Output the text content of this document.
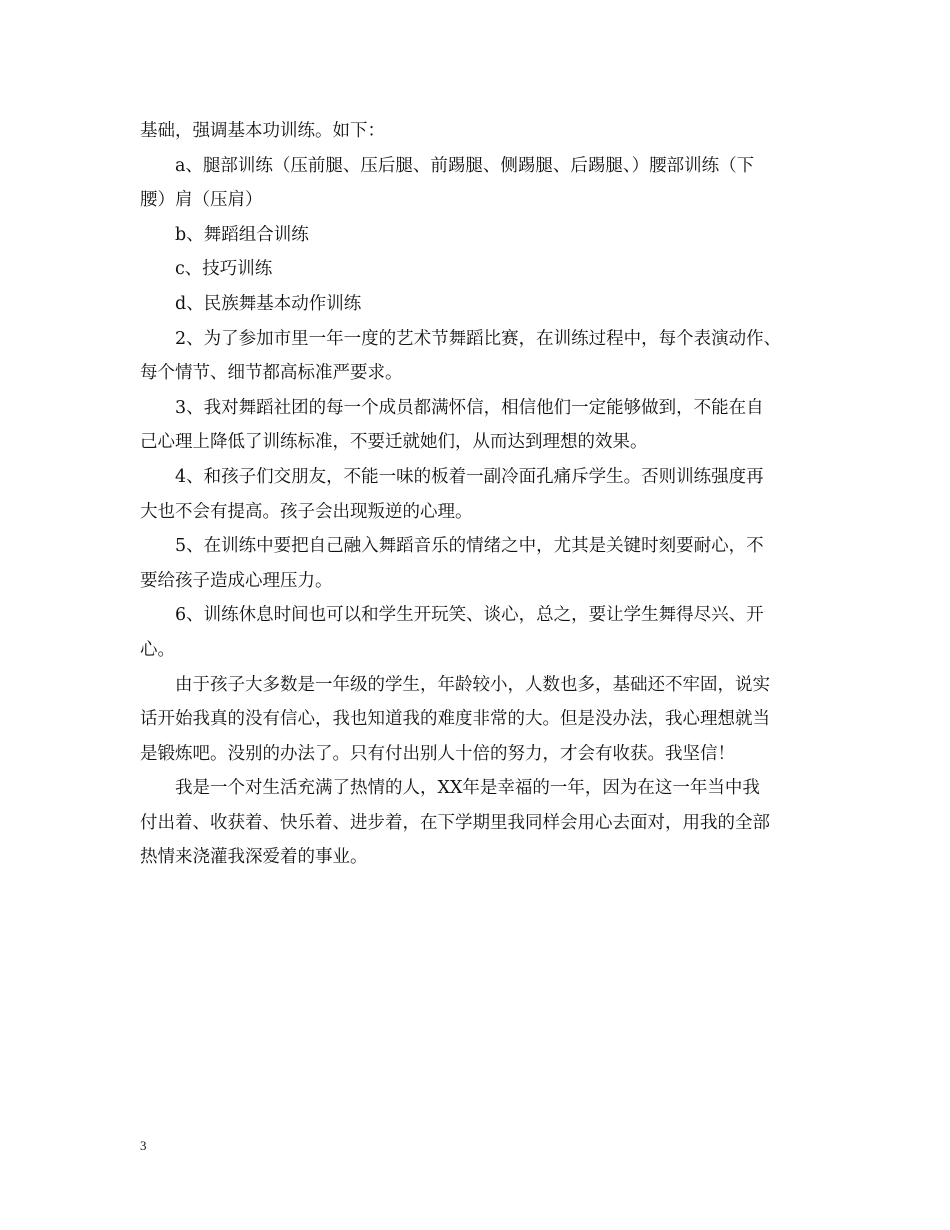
基础，强调基本功训练。如下：
a、腿部训练（压前腿、压后腿、前踢腿、侧踢腿、后踢腿、）腰部训练（下
腰）肩（压肩）
b、舞蹈组合训练
c、技巧训练
d、民族舞基本动作训练
2、为了参加市里一年一度的艺术节舞蹈比赛，在训练过程中，每个表演动作、
每个情节、细节都高标准严要求。
3、我对舞蹈社团的每一个成员都满怀信，相信他们一定能够做到，不能在自
己心理上降低了训练标准，不要迁就她们，从而达到理想的效果。
4、和孩子们交朋友，不能一味的板着一副冷面孔痛斥学生。否则训练强度再
大也不会有提高。孩子会出现叛逆的心理。
5、在训练中要把自己融入舞蹈音乐的情绪之中，尤其是关键时刻要耐心，不
要给孩子造成心理压力。
6、训练休息时间也可以和学生开玩笑、谈心，总之，要让学生舞得尽兴、开
心。
由于孩子大多数是一年级的学生，年龄较小，人数也多，基础还不牢固，说实
话开始我真的没有信心，我也知道我的难度非常的大。但是没办法，我心理想就当
是锻炼吧。没别的办法了。只有付出别人十倍的努力，才会有收获。我坚信！
我是一个对生活充满了热情的人，XX年是幸福的一年，因为在这一年当中我
付出着、收获着、快乐着、进步着，在下学期里我同样会用心去面对，用我的全部
热情来浇灌我深爱着的事业。
3
